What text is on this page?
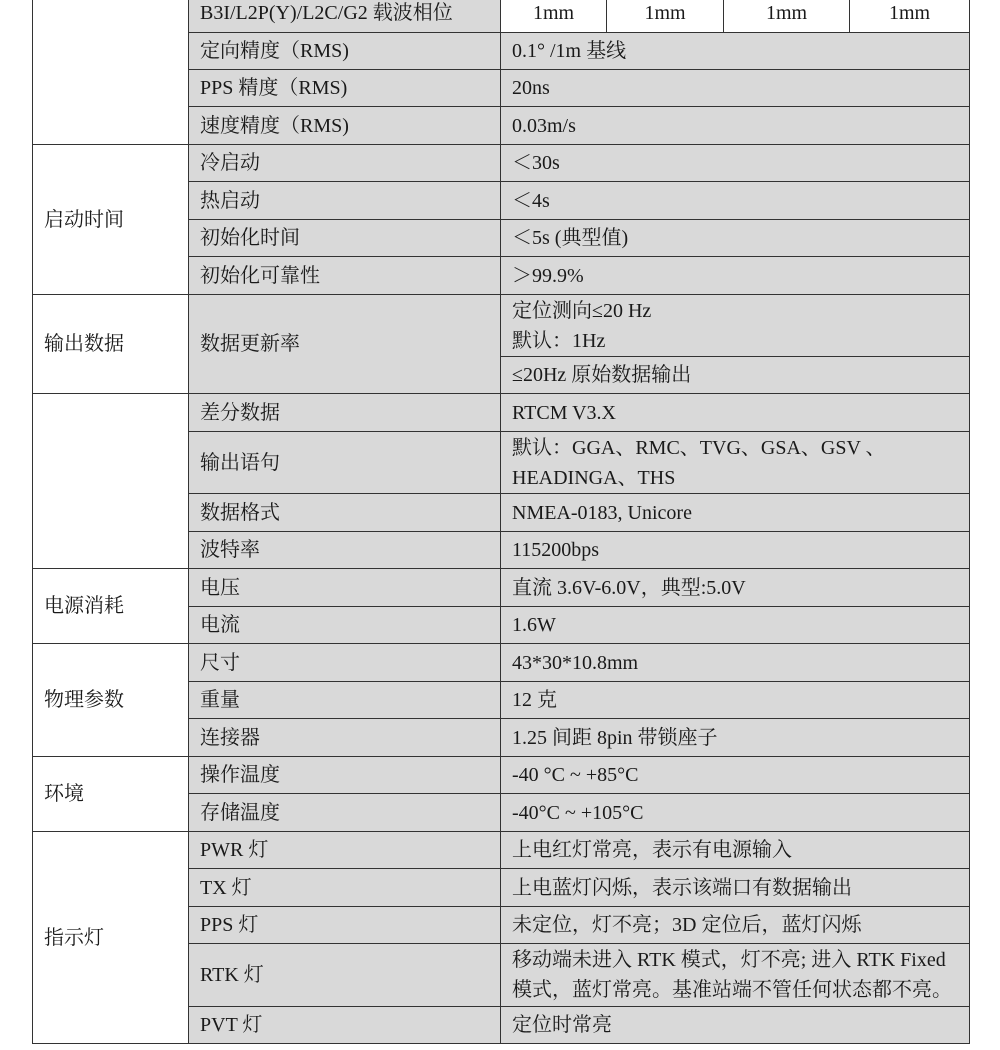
	B3I/L2P(Y)/L2C/G2 载波相位	1mm	1mm	1mm	1mm
	定向精度（RMS)	0.1° /1m 基线			

	PPS 精度（RMS)	20ns			

	速度精度（RMS)	0.03m/s			

启动时间	冷启动	＜30s			

	热启动	＜4s			

	初始化时间	＜5s (典型值)			

	初始化可靠性	＞99.9%			

输出数据	数据更新率	定位测向≤20 Hz
默认：1Hz			

		≤20Hz 原始数据输出			

	差分数据	RTCM V3.X			

	输出语句	默认：GGA、RMC、TVG、GSA、GSV 、
HEADINGA、THS			

	数据格式	NMEA-0183, Unicore			

	波特率	115200bps			

电源消耗	电压	直流 3.6V-6.0V，典型:5.0V			

	电流	1.6W			

物理参数	尺寸	43*30*10.8mm			

	重量	12 克			

	连接器	1.25 间距 8pin 带锁座子			

环境	操作温度	-40 °C ~ +85°C			

	存储温度	-40°C ~ +105°C			

指示灯	PWR 灯	上电红灯常亮，表示有电源输入			

	TX 灯	上电蓝灯闪烁，表示该端口有数据输出			

	PPS 灯	未定位，灯不亮；3D 定位后，蓝灯闪烁			

	RTK 灯	移动端未进入 RTK 模式，灯不亮; 进入 RTK Fixed
模式，蓝灯常亮。基准站端不管任何状态都不亮。			

	PVT 灯	定位时常亮			
